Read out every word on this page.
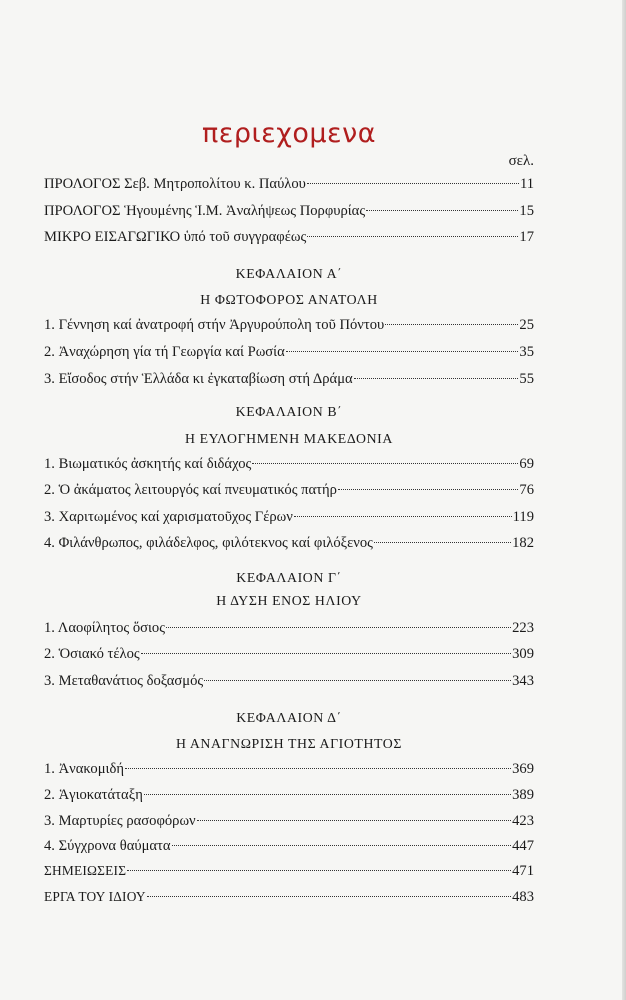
περιεχομενα
σελ.
ΠΡΟΛΟΓΟΣ Σεβ. Μητροπολίτου κ. Παύλου	11
ΠΡΟΛΟΓΟΣ Ἡγουμένης Ἱ.Μ. Ἀναλήψεως Πορφυρίας	15
ΜΙΚΡΟ ΕΙΣΑΓΩΓΙΚΟ ὑπό τοῦ συγγραφέως	17
ΚΕΦΑΛΑΙΟΝ Α΄
Η ΦΩΤΟΦΟΡΟΣ ΑΝΑΤΟΛΗ
1. Γέννηση καί ἀνατροφή στήν Ἀργυρούπολη τοῦ Πόντου	25
2. Ἀναχώρηση γία τή Γεωργία καί Ρωσία	35
3. Εἴσοδος στήν Ἑλλάδα κι ἐγκαταβίωση στή Δράμα	55
ΚΕΦΑΛΑΙΟΝ Β΄
Η ΕΥΛΟΓΗΜΕΝΗ ΜΑΚΕΔΟΝΙΑ
1. Βιωματικός ἀσκητής καί διδάχος	69
2. Ὁ ἀκάματος λειτουργός καί πνευματικός πατήρ	76
3. Χαριτωμένος καί χαρισματοῦχος Γέρων	119
4. Φιλάνθρωπος, φιλάδελφος, φιλότεκνος καί φιλόξενος	182
ΚΕΦΑΛΑΙΟΝ Γ΄
Η ΔΥΣΗ ΕΝΟΣ ΗΛΙΟΥ
1. Λαοφίλητος ὅσιος	223
2. Ὁσιακό τέλος	309
3. Μεταθανάτιος δοξασμός	343
ΚΕΦΑΛΑΙΟΝ Δ΄
Η ΑΝΑΓΝΩΡΙΣΗ ΤΗΣ ΑΓΙΟΤΗΤΟΣ
1. Ἀνακομιδή	369
2. Ἁγιοκατάταξη	389
3. Μαρτυρίες ρασοφόρων	423
4. Σύγχρονα θαύματα	447
ΣΗΜΕΙΩΣΕΙΣ	471
ΕΡΓΑ ΤΟΥ ΙΔΙΟΥ	483
